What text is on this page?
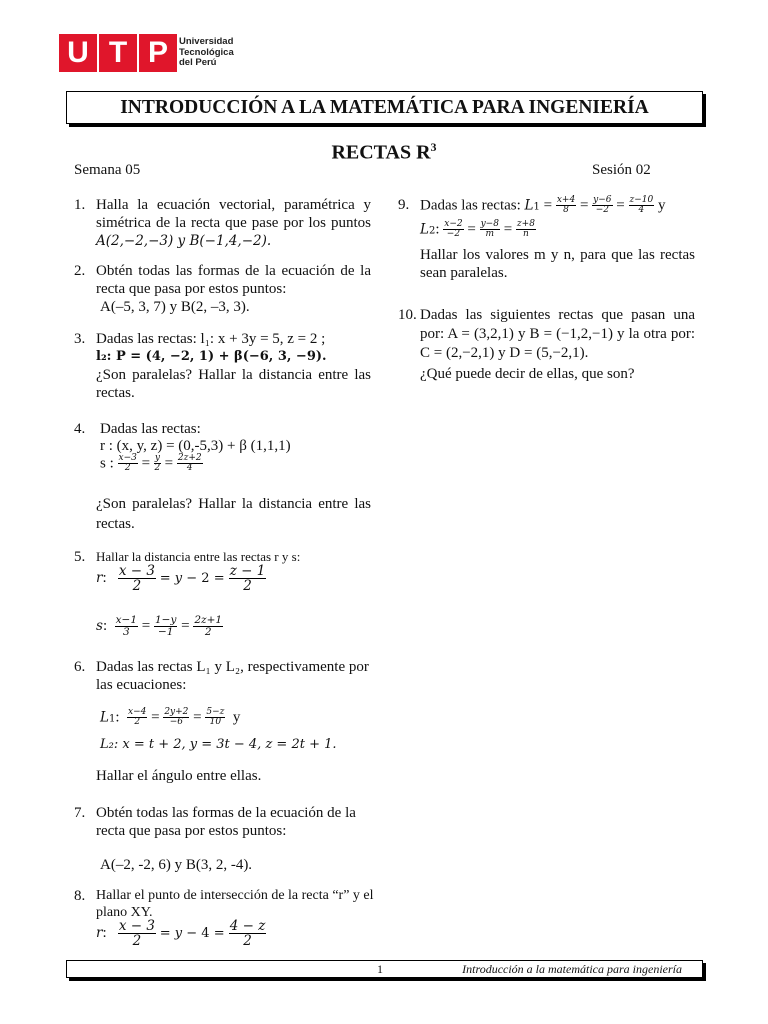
U T P	Universidad
Tecnológica
del Perú
INTRODUCCIÓN A LA MATEMÁTICA PARA INGENIERÍA
RECTAS $R^3$
Semana 05	Sesión 02
1. Halla la ecuación vectorial, paramétrica y simétrica de la recta que pase por los puntos A(2,−2,−3) y B(−1,4,−2).
2. Obtén todas las formas de la ecuación de la recta que pasa por estos puntos:
A(–5, 3, 7) y B(2, –3, 3).
3. Dadas las rectas: l₁: x + 3y = 5, z = 2 ;
l₂: P = (4, −2, 1) + β(−6, 3, −9).
¿Son paralelas? Hallar la distancia entre las rectas.
4. Dadas las rectas:
r : (x, y, z) = (0,-5,3) + β (1,1,1)
s : $\frac{x-3}{2} = \frac{y}{2} = \frac{2z+2}{4}$
¿Son paralelas? Hallar la distancia entre las rectas.
5. Hallar la distancia entre las rectas r y s:
r: $\frac{x - 3}{2} = y - 2 = \frac{z - 1}{2}$
s: $\frac{x-1}{3} = \frac{1-y}{-1} = \frac{2z+1}{2}$
6. Dadas las rectas L₁ y L₂, respectivamente por las ecuaciones:
L1: $\frac{x-4}{2} = \frac{2y+2}{-6} = \frac{5-z}{10}$ y
L₂: x = t + 2, y = 3t − 4, z = 2t + 1.
Hallar el ángulo entre ellas.
7. Obtén todas las formas de la ecuación de la recta que pasa por estos puntos:
A(–2, -2, 6) y B(3, 2, -4).
8. Hallar el punto de intersección de la recta “r” y el plano XY.
r: $\frac{x - 3}{2} = y - 4 = \frac{4 - z}{2}$
9. Dadas las rectas: $L1 = \frac{x+4}{8} = \frac{y-6}{-2} = \frac{z-10}{4}$ y
L2: $\frac{x-2}{-2} = \frac{y-8}{m} = \frac{z+8}{n}$
Hallar los valores m y n, para que las rectas sean paralelas.
10. Dadas las siguientes rectas que pasan una por: A = (3,2,1) y B = (−1,2,−1) y la otra por: C = (2,−2,1) y D = (5,−2,1).
¿Qué puede decir de ellas, que son?
1	Introducción a la matemática para ingeniería
